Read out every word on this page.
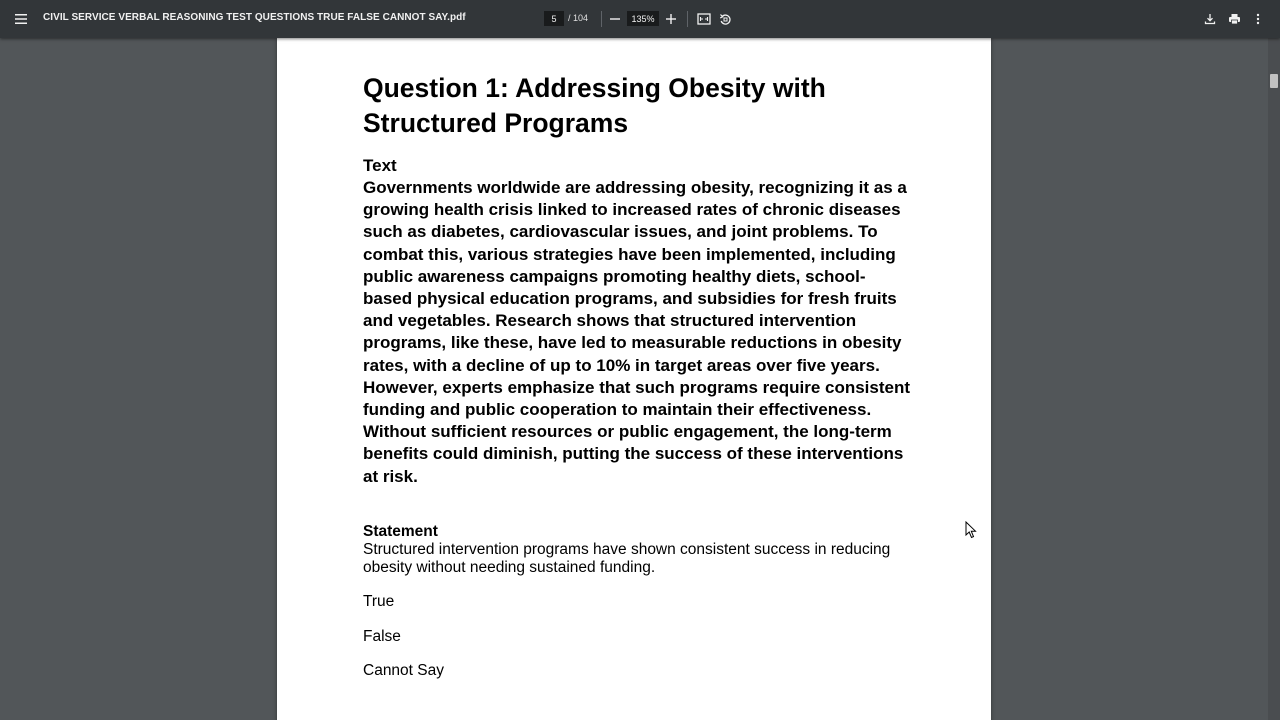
CIVIL SERVICE VERBAL REASONING TEST QUESTIONS TRUE FALSE CANNOT SAY.pdf
5	/ 104
135%
Question 1: Addressing Obesity with Structured Programs
Text

Governments worldwide are addressing obesity, recognizing it as a growing health crisis linked to increased rates of chronic diseases such as diabetes, cardiovascular issues, and joint problems. To combat this, various strategies have been implemented, including public awareness campaigns promoting healthy diets, school-based physical education programs, and subsidies for fresh fruits and vegetables. Research shows that structured intervention programs, like these, have led to measurable reductions in obesity rates, with a decline of up to 10% in target areas over five years. However, experts emphasize that such programs require consistent funding and public cooperation to maintain their effectiveness. Without sufficient resources or public engagement, the long-term benefits could diminish, putting the success of these interventions at risk.

Statement

Structured intervention programs have shown consistent success in reducing obesity without needing sustained funding.

True
False
Cannot Say
